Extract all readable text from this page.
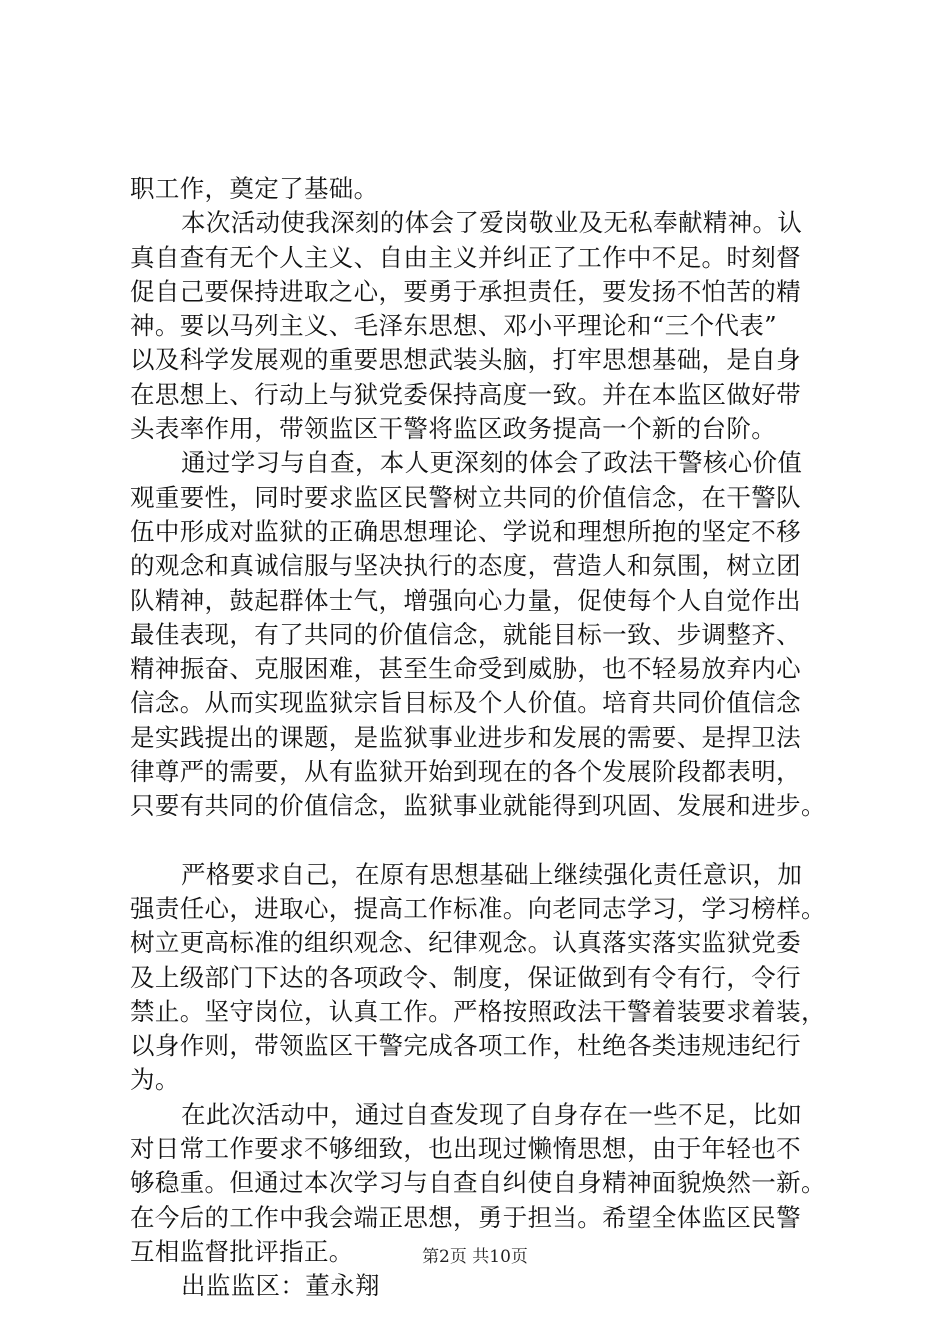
职工作，奠定了基础。
本次活动使我深刻的体会了爱岗敬业及无私奉献精神。认
真自查有无个人主义、自由主义并纠正了工作中不足。时刻督
促自己要保持进取之心，要勇于承担责任，要发扬不怕苦的精
神。要以马列主义、毛泽东思想、邓小平理论和“三个代表”
以及科学发展观的重要思想武装头脑，打牢思想基础，是自身
在思想上、行动上与狱党委保持高度一致。并在本监区做好带
头表率作用，带领监区干警将监区政务提高一个新的台阶。
通过学习与自查，本人更深刻的体会了政法干警核心价值
观重要性，同时要求监区民警树立共同的价值信念，在干警队
伍中形成对监狱的正确思想理论、学说和理想所抱的坚定不移
的观念和真诚信服与坚决执行的态度，营造人和氛围，树立团
队精神，鼓起群体士气，增强向心力量，促使每个人自觉作出
最佳表现，有了共同的价值信念，就能目标一致、步调整齐、
精神振奋、克服困难，甚至生命受到威胁，也不轻易放弃内心
信念。从而实现监狱宗旨目标及个人价值。培育共同价值信念
是实践提出的课题，是监狱事业进步和发展的需要、是捍卫法
律尊严的需要，从有监狱开始到现在的各个发展阶段都表明，
只要有共同的价值信念，监狱事业就能得到巩固、发展和进步。
严格要求自己，在原有思想基础上继续强化责任意识，加
强责任心，进取心，提高工作标准。向老同志学习，学习榜样。
树立更高标准的组织观念、纪律观念。认真落实落实监狱党委
及上级部门下达的各项政令、制度，保证做到有令有行，令行
禁止。坚守岗位，认真工作。严格按照政法干警着装要求着装，
以身作则，带领监区干警完成各项工作，杜绝各类违规违纪行
为。
在此次活动中，通过自查发现了自身存在一些不足，比如
对日常工作要求不够细致，也出现过懒惰思想，由于年轻也不
够稳重。但通过本次学习与自查自纠使自身精神面貌焕然一新。
在今后的工作中我会端正思想，勇于担当。希望全体监区民警
互相监督批评指正。
出监监区：董永翔
第2页 共10页
